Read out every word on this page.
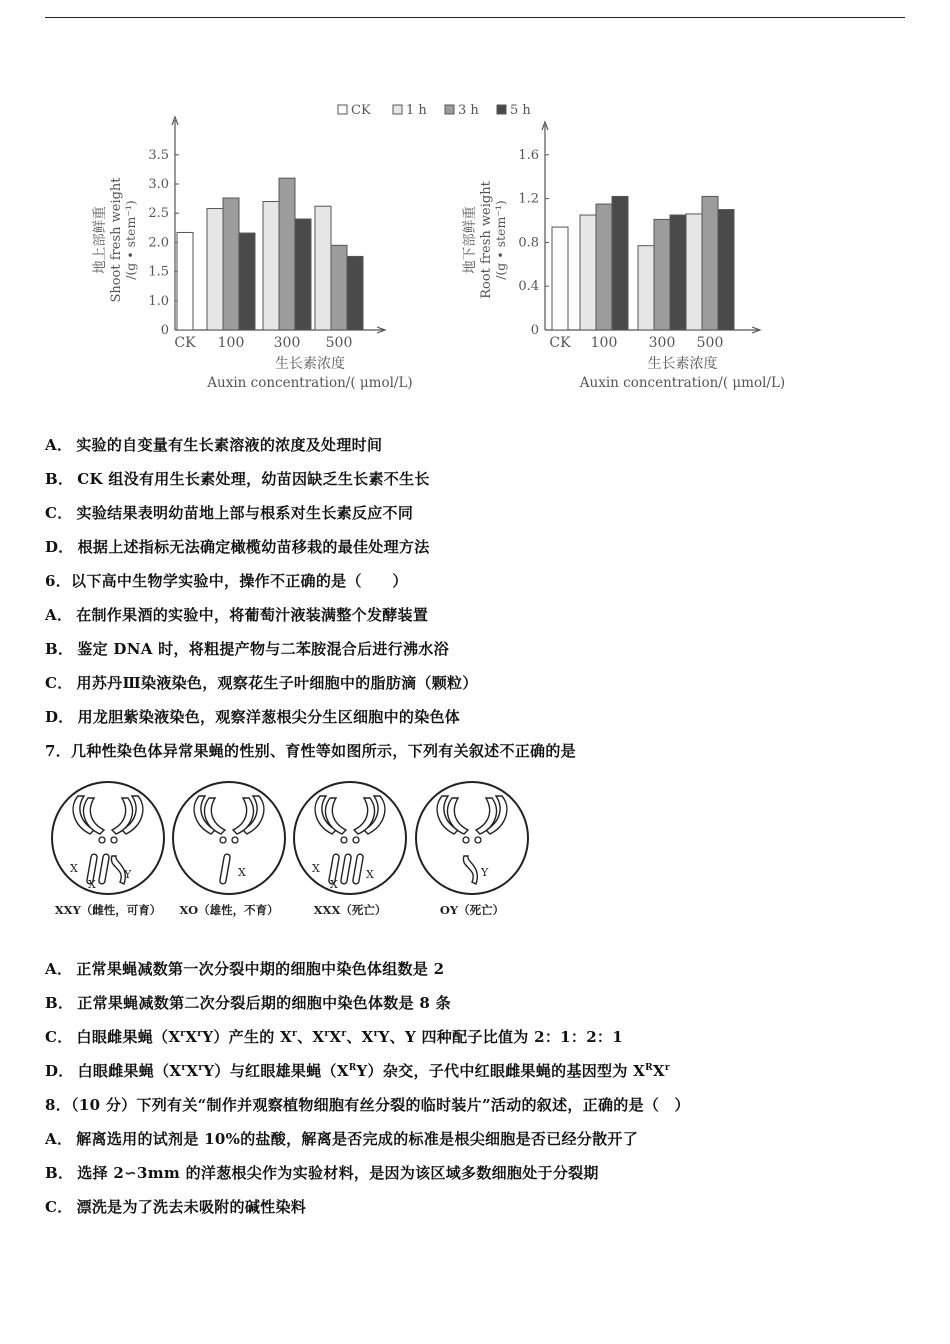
CK	1 h 3 h 5 h
0
1.0
1.5
2.0
2.5
3.0
3.5
CK 100 300 500
生长素浓度
Auxin concentration/( μmol/L)
地上部鲜重 Shoot fresh weight /(g • stem⁻¹)
0
0.4
0.8
1.2
1.6
CK 100 300 500
生长素浓度
Auxin concentration/( μmol/L)
地下部鲜重 Root fresh weight /(g • stem⁻¹)
A． 实验的自变量有生长素溶液的浓度及处理时间
B． CK 组没有用生长素处理，幼苗因缺乏生长素不生长
C． 实验结果表明幼苗地上部与根系对生长素反应不同
D． 根据上述指标无法确定橄榄幼苗移栽的最佳处理方法
6．以下高中生物学实验中，操作不正确的是（　　）
A． 在制作果酒的实验中，将葡萄汁液装满整个发酵装置
B． 鉴定 DNA 时，将粗提产物与二苯胺混合后进行沸水浴
C． 用苏丹Ⅲ染液染色，观察花生子叶细胞中的脂肪滴（颗粒）
D． 用龙胆紫染液染色，观察洋葱根尖分生区细胞中的染色体
7．几种性染色体异常果蝇的性别、育性等如图所示，下列有关叙述不正确的是
X
X
Y
XXY（雌性，可育）
X
XO（雄性，不育）
X
X
X
XXX（死亡）
Y
OY（死亡）
A． 正常果蝇减数第一次分裂中期的细胞中染色体组数是 2
B． 正常果蝇减数第二次分裂后期的细胞中染色体数是 8 条
C． 白眼雌果蝇$(X^rX^rY)$产生的 $X^r$、$X^rX^r$、$X^rY$、Y 四种配子比值为 2：1：2：1
D． 白眼雌果蝇$(X^rX^rY)$与红眼雄果蝇$(X^RY)$杂交，子代中红眼雌果蝇的基因型为 $X^RX^r$
8．（10 分）下列有关“制作并观察植物细胞有丝分裂的临时装片”活动的叙述，正确的是（　）
A． 解离选用的试剂是 10%的盐酸，解离是否完成的标准是根尖细胞是否已经分散开了
B． 选择 2∽3mm 的洋葱根尖作为实验材料，是因为该区域多数细胞处于分裂期
C． 漂洗是为了洗去未吸附的碱性染料
